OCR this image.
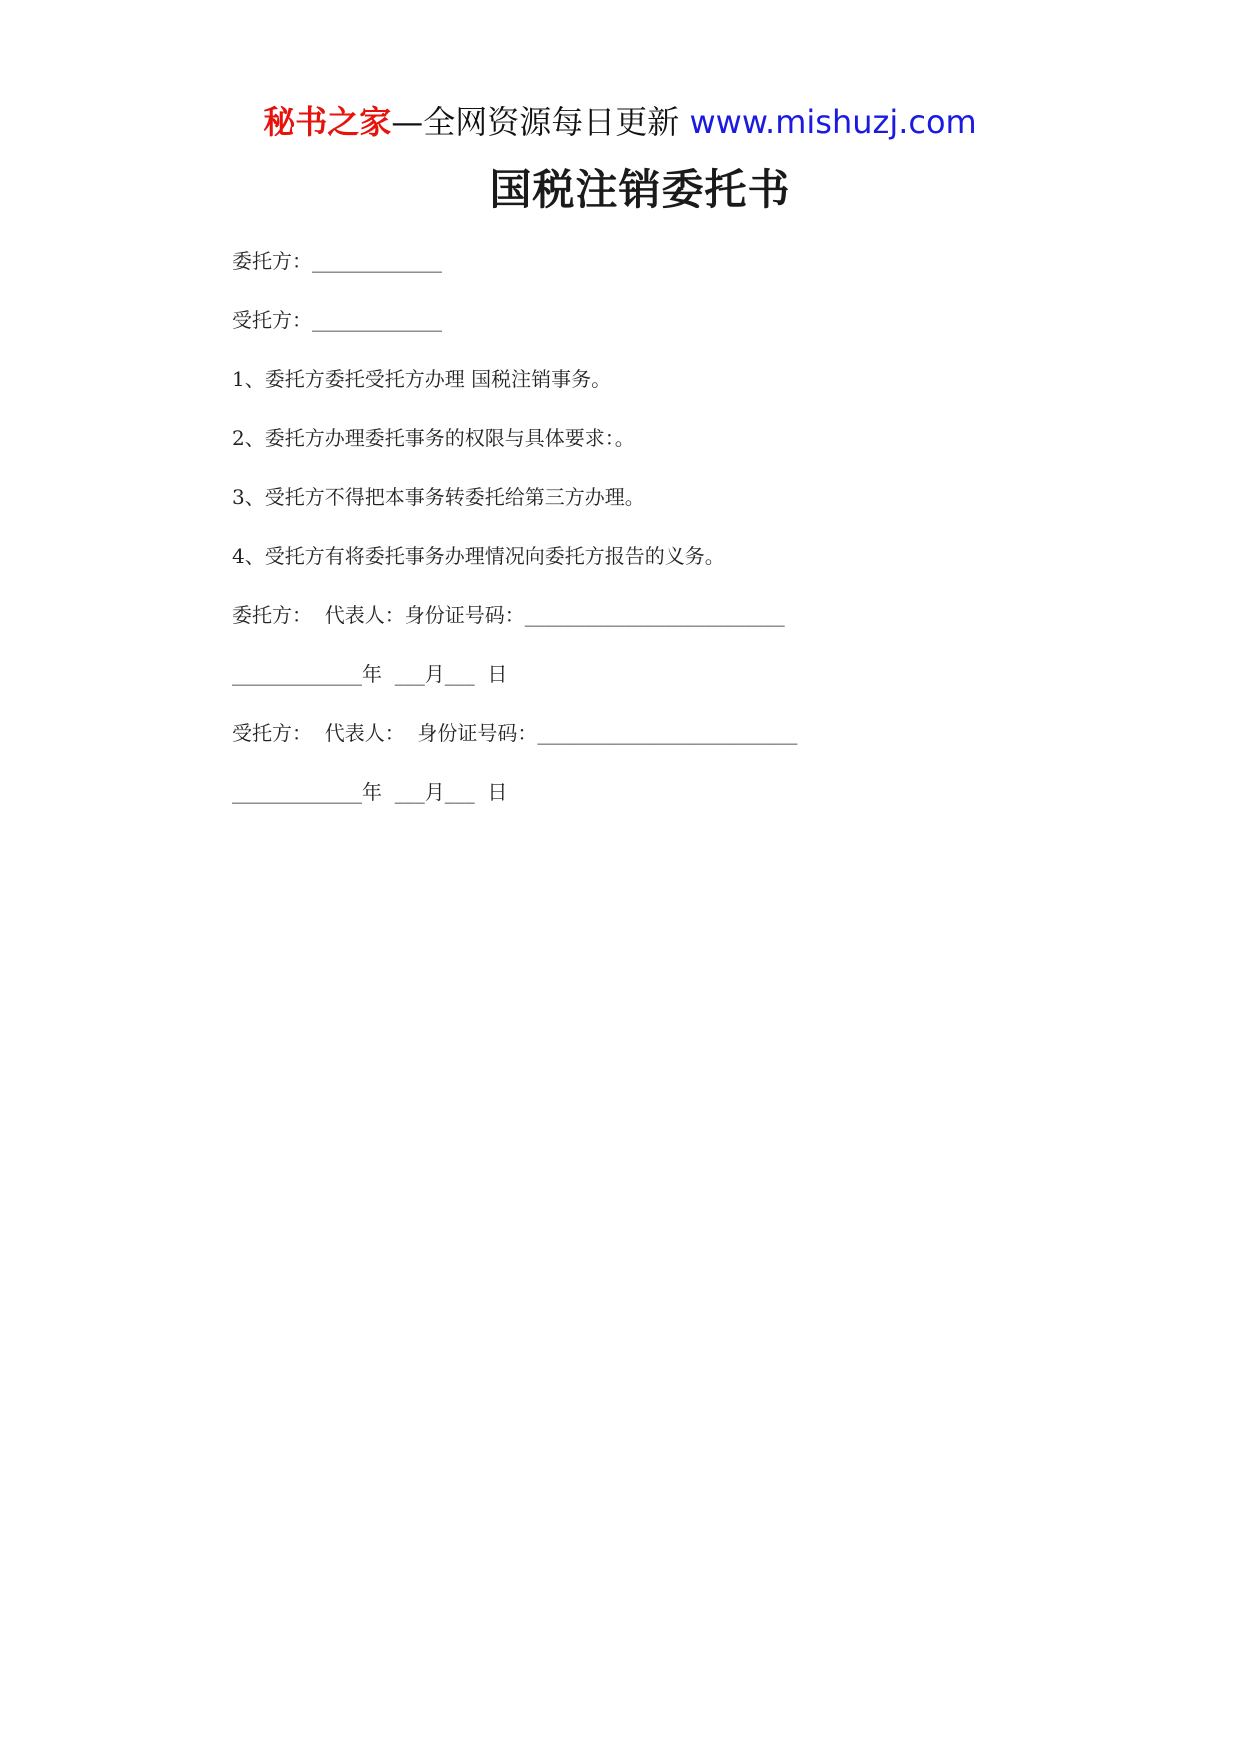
秘书之家—全网资源每日更新 www.mishuzj.com
国税注销委托书
委托方：_____________
受托方：_____________
1、委托方委托受托方办理 国税注销事务。
2、委托方办理委托事务的权限与具体要求：。
3、受托方不得把本事务转委托给第三方办理。
4、受托方有将委托事务办理情况向委托方报告的义务。
委托方：  代表人：身份证号码：__________________________
_____________年  ___月___  日
受托方：  代表人：  身份证号码：__________________________
_____________年  ___月___  日
